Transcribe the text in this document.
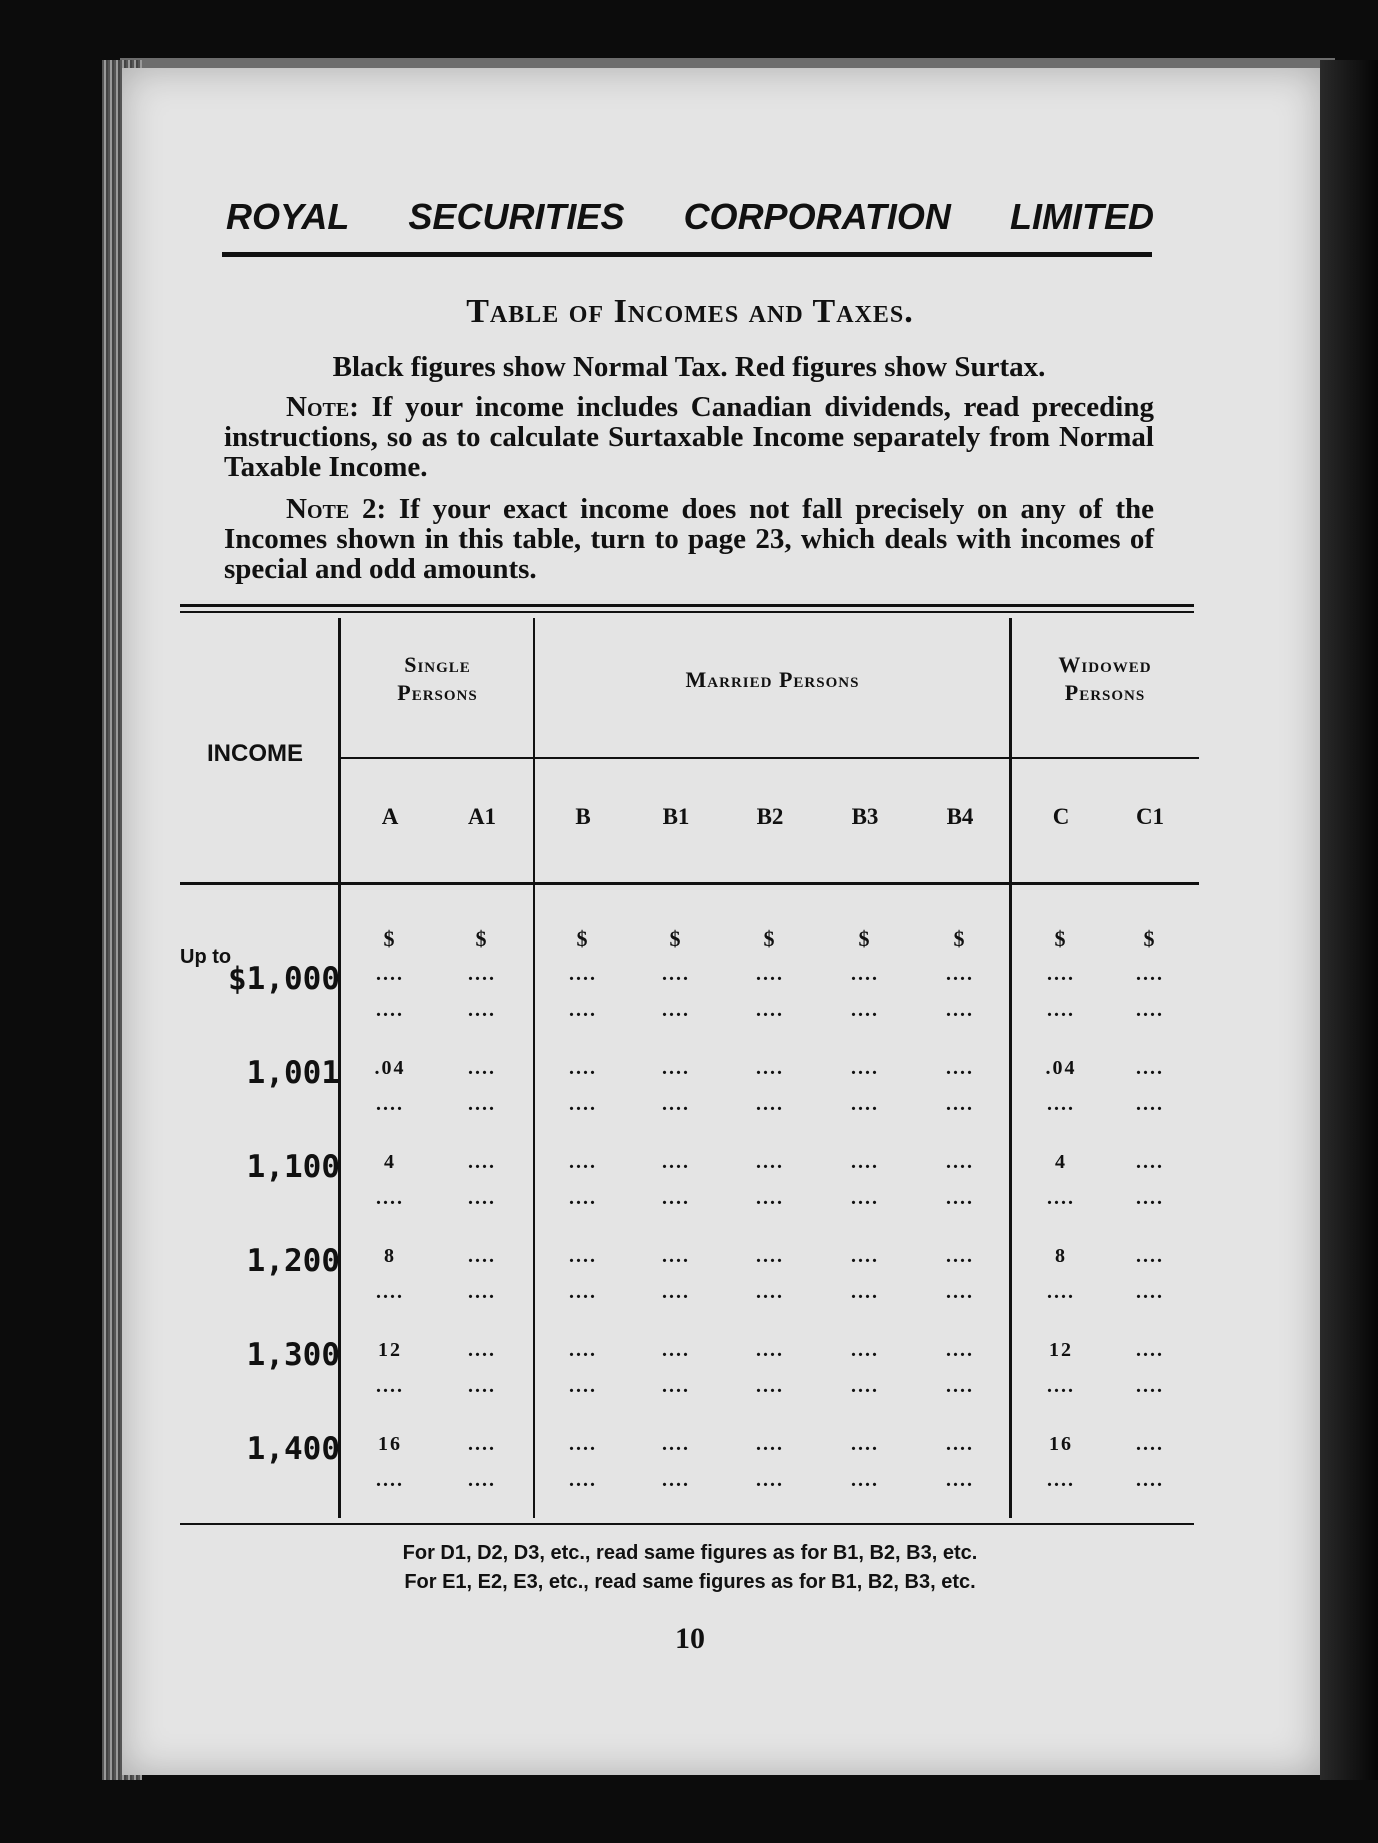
ROYAL SECURITIES CORPORATION LIMITED
Table of Incomes and Taxes.
Black figures show Normal Tax. Red figures show Surtax.
Note: If your income includes Canadian dividends, read preceding instructions, so as to calculate Surtaxable Income separately from Normal Taxable Income.
Note 2: If your exact income does not fall precisely on any of the Incomes shown in this table, turn to page 23, which deals with incomes of special and odd amounts.
INCOME
Single
Persons
Married Persons
Widowed
Persons
A	A1	B	B1	B2	B3	B4	C	C1
Up to
$	$	$	$	$	$	$	$	$
$1,000	....	....	....	....	....	....	....	....	....
....	....	....	....	....	....	....	....	....
1,001	.04	....	....	....	....	....	....	.04	....
....	....	....	....	....	....	....	....	....
1,100	4	....	....	....	....	....	....	4	....
....	....	....	....	....	....	....	....	....
1,200	8	....	....	....	....	....	....	8	....
....	....	....	....	....	....	....	....	....
1,300	12	....	....	....	....	....	....	12	....
....	....	....	....	....	....	....	....	....
1,400	16	....	....	....	....	....	....	16	....
....	....	....	....	....	....	....	....	....
For D1, D2, D3, etc., read same figures as for B1, B2, B3, etc.
For E1, E2, E3, etc., read same figures as for B1, B2, B3, etc.
10
